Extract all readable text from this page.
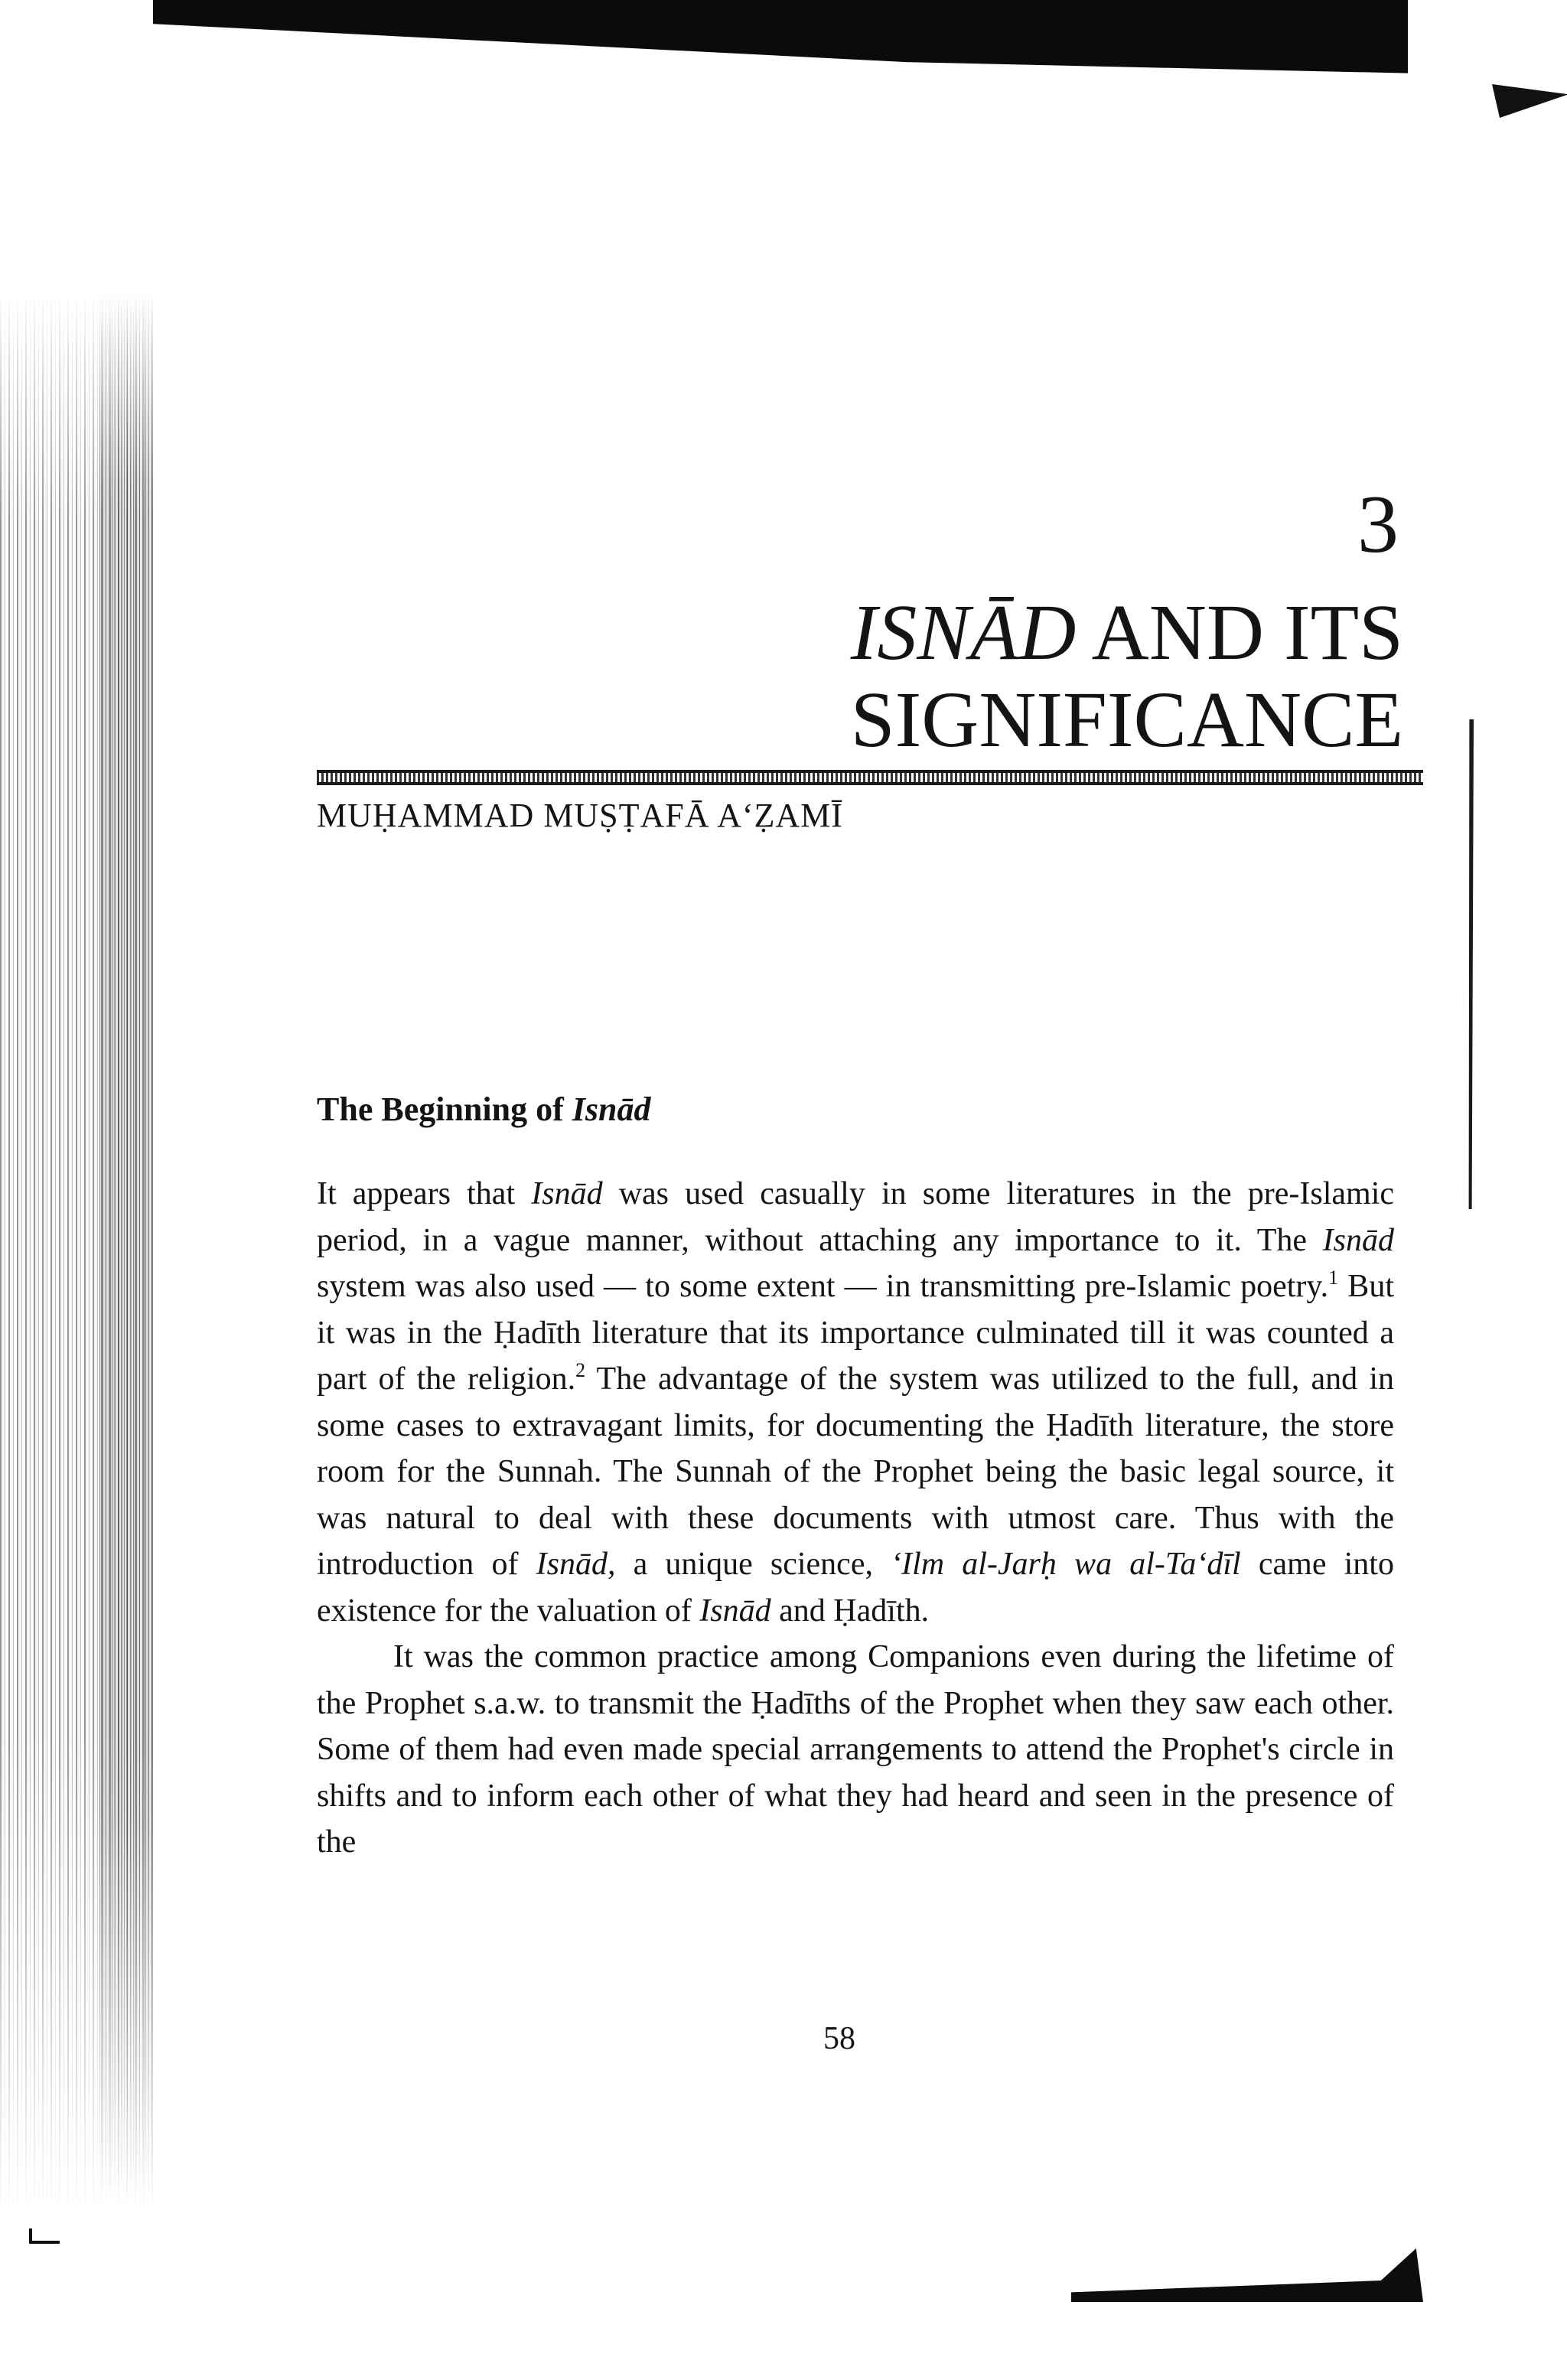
3
ISNĀD AND ITS
SIGNIFICANCE
MUḤAMMAD MUṢṬAFĀ A‘ẒAMĪ
The Beginning of Isnād

It appears that Isnād was used casually in some literatures in the pre-Islamic period, in a vague manner, without attaching any importance to it. The Isnād system was also used — to some extent — in transmitting pre-Islamic poetry.$^1$ But it was in the Ḥadīth literature that its importance culminated till it was counted a part of the religion.$^2$ The advantage of the system was utilized to the full, and in some cases to extravagant limits, for documenting the Ḥadīth literature, the store room for the Sunnah. The Sunnah of the Prophet being the basic legal source, it was natural to deal with these documents with utmost care. Thus with the introduction of Isnād, a unique science, ‘Ilm al-Jarḥ wa al-Ta‘dīl came into existence for the valuation of Isnād and Ḥadīth.

It was the common practice among Companions even during the lifetime of the Prophet s.a.w. to transmit the Ḥadīths of the Prophet when they saw each other. Some of them had even made special arrangements to attend the Prophet's circle in shifts and to inform each other of what they had heard and seen in the presence of the

58
